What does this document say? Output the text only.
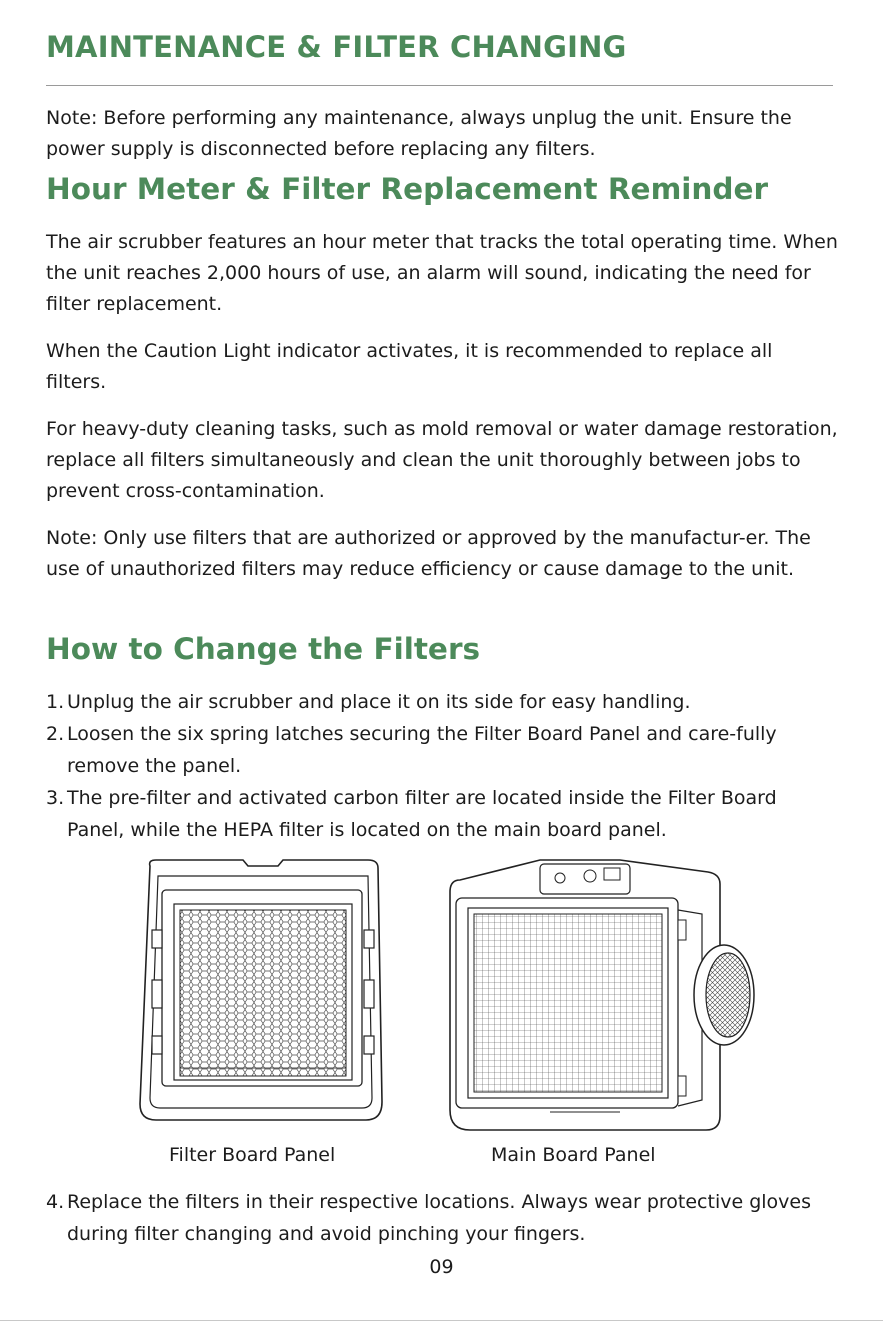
MAINTENANCE & FILTER CHANGING

Note: Before performing any maintenance, always unplug the unit. Ensure the power supply is disconnected before replacing any filters.

Hour Meter & Filter Replacement Reminder

The air scrubber features an hour meter that tracks the total operating time. When the unit reaches 2,000 hours of use, an alarm will sound, indicating the need for filter replacement.

When the Caution Light indicator activates, it is recommended to replace all filters.

For heavy-duty cleaning tasks, such as mold removal or water damage restoration, replace all filters simultaneously and clean the unit thoroughly between jobs to prevent cross-contamination.

Note: Only use filters that are authorized or approved by the manufactur-er. The use of unauthorized filters may reduce efficiency or cause damage to the unit.

How to Change the Filters
1. Unplug the air scrubber and place it on its side for easy handling.
2. Loosen the six spring latches securing the Filter Board Panel and care-fully remove the panel.
3. The pre-filter and activated carbon filter are located inside the Filter Board Panel, while the HEPA filter is located on the main board panel.

Filter Board Panel	Main Board Panel

4. Replace the filters in their respective locations. Always wear protective gloves during filter changing and avoid pinching your fingers.

09
